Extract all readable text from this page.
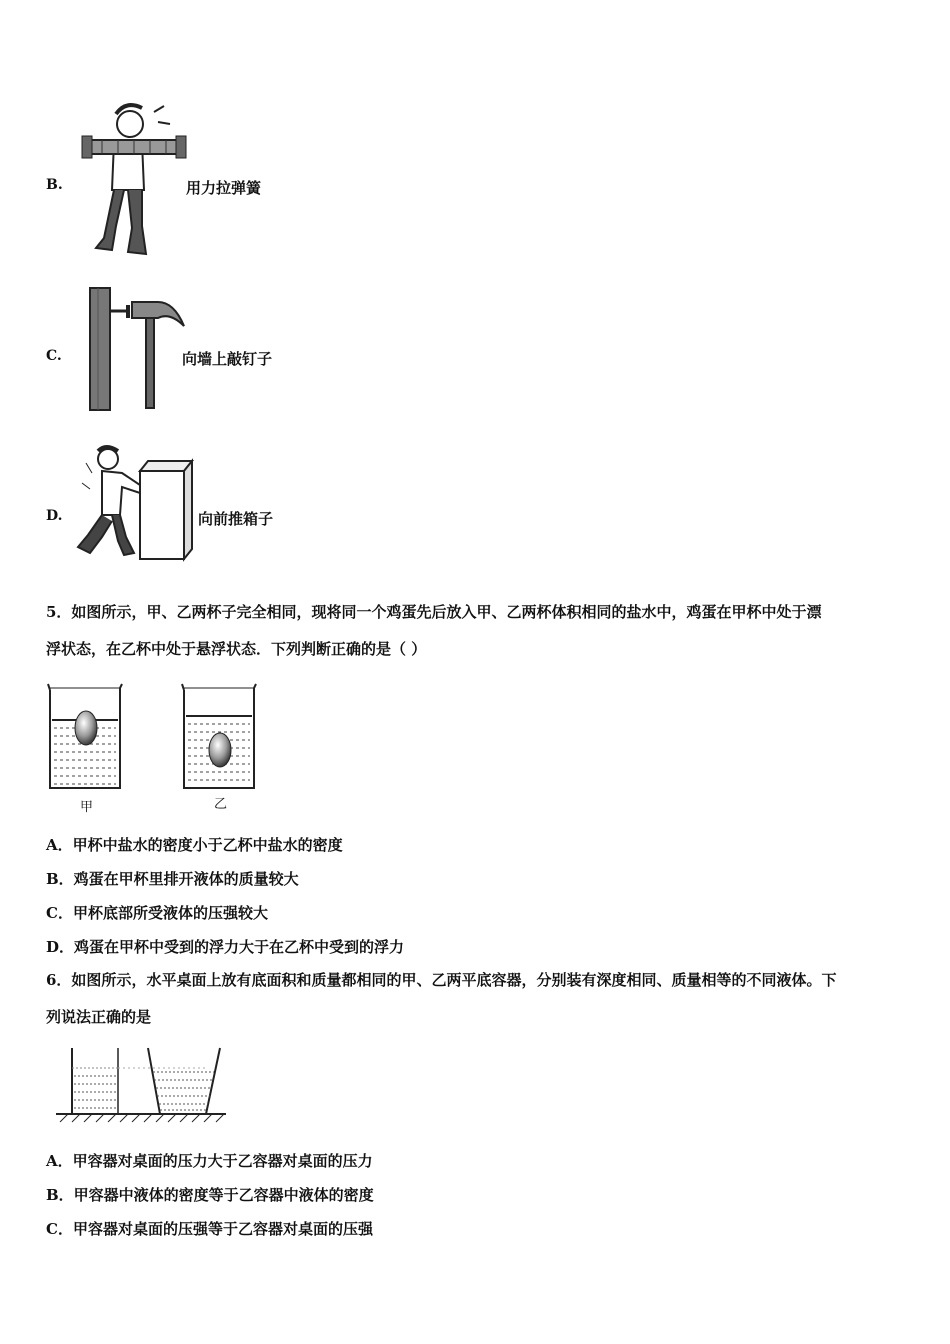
B.	用力拉弹簧
C.	向墙上敲钉子
D.	向前推箱子
5．如图所示，甲、乙两杯子完全相同，现将同一个鸡蛋先后放入甲、乙两杯体积相同的盐水中，鸡蛋在甲杯中处于漂
浮状态，在乙杯中处于悬浮状态．下列判断正确的是（ ）
甲	乙
A．甲杯中盐水的密度小于乙杯中盐水的密度
B．鸡蛋在甲杯里排开液体的质量较大
C．甲杯底部所受液体的压强较大
D．鸡蛋在甲杯中受到的浮力大于在乙杯中受到的浮力
6．如图所示，水平桌面上放有底面积和质量都相同的甲、乙两平底容器，分别装有深度相同、质量相等的不同液体。下
列说法正确的是
A．甲容器对桌面的压力大于乙容器对桌面的压力
B．甲容器中液体的密度等于乙容器中液体的密度
C．甲容器对桌面的压强等于乙容器对桌面的压强
